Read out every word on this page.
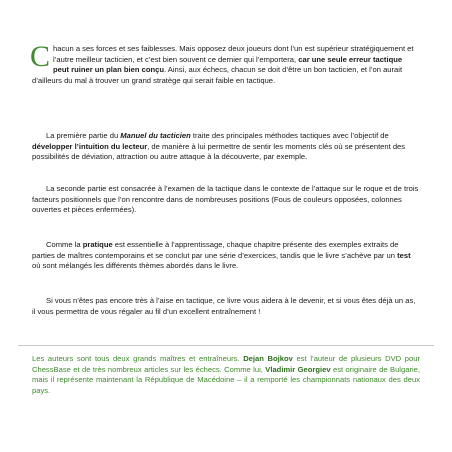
Chacun a ses forces et ses faiblesses. Mais opposez deux joueurs dont l’un est supérieur stratégiquement et l’autre meilleur tacticien, et c’est bien souvent ce dernier qui l’emportera, car une seule erreur tactique peut ruiner un plan bien conçu. Ainsi, aux échecs, chacun se doit d’être un bon tacticien, et l’on aurait d’ailleurs du mal à trouver un grand stratège qui serait faible en tactique.

La première partie du Manuel du tacticien traite des principales méthodes tactiques avec l’objectif de développer l’intuition du lecteur, de manière à lui permettre de sentir les moments clés où se présentent des possibilités de déviation, attraction ou autre attaque à la découverte, par exemple.

La seconde partie est consacrée à l’examen de la tactique dans le contexte de l’attaque sur le roque et de trois facteurs positionnels que l’on rencontre dans de nombreuses positions (Fous de couleurs opposées, colonnes ouvertes et pièces enfermées).

Comme la pratique est essentielle à l’apprentissage, chaque chapitre présente des exemples extraits de parties de maîtres contemporains et se conclut par une série d’exercices, tandis que le livre s’achève par un test où sont mélangés les différents thèmes abordés dans le livre.

Si vous n’êtes pas encore très à l’aise en tactique, ce livre vous aidera à le devenir, et si vous êtes déjà un as, il vous permettra de vous régaler au fil d’un excellent entraînement !

Les auteurs sont tous deux grands maîtres et entraîneurs. Dejan Bojkov est l’auteur de plusieurs DVD pour ChessBase et de très nombreux articles sur les échecs. Comme lui, Vladimir Georgiev est originaire de Bulgarie, mais il représente maintenant la République de Macédoine – il a remporté les championnats nationaux des deux pays.
